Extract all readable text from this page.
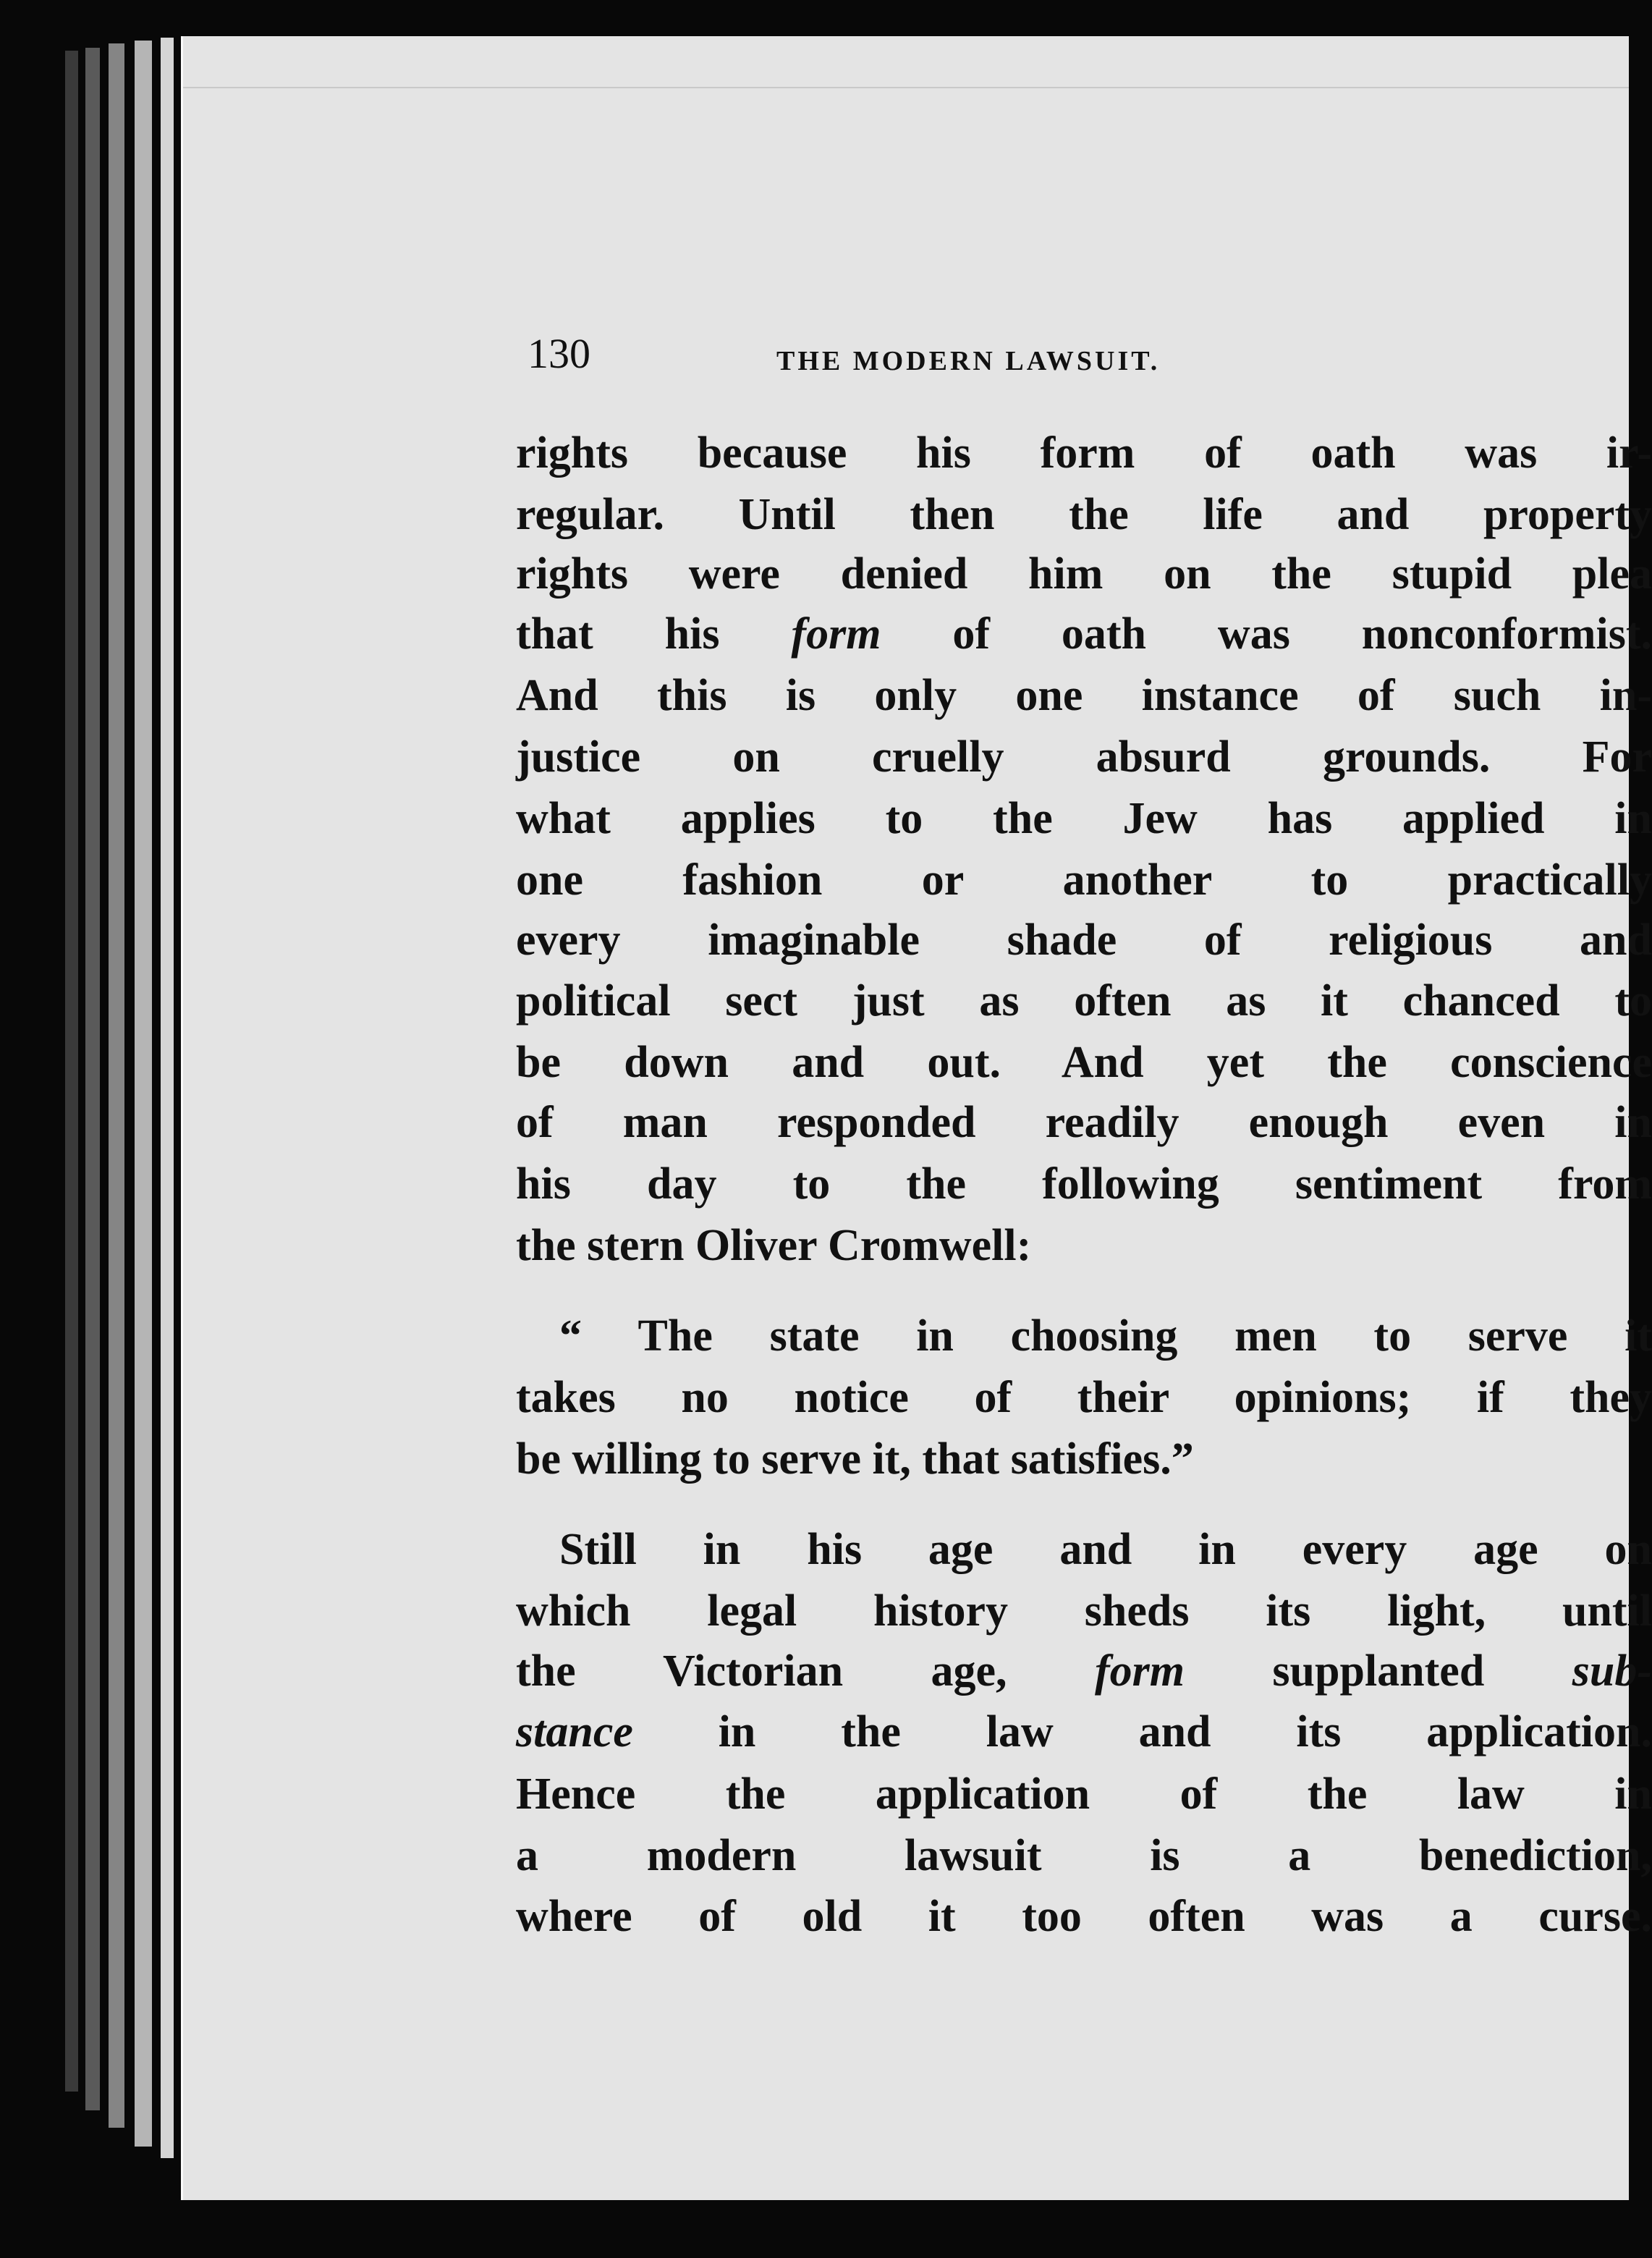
130	THE MODERN LAWSUIT.
rights because his form of oath was ir-
regular. Until then the life and property
rights were denied him on the stupid plea
that his form of oath was nonconformist.
And this is only one instance of such in-
justice on cruelly absurd grounds. For
what applies to the Jew has applied in
one fashion or another to practically
every imaginable shade of religious and
political sect just as often as it chanced to
be down and out. And yet the conscience
of man responded readily enough even in
his day to the following sentiment from
the stern Oliver Cromwell:
“ The state in choosing men to serve it
takes no notice of their opinions; if they
be willing to serve it, that satisfies.”
Still in his age and in every age on
which legal history sheds its light, until
the Victorian age, form supplanted sub-
stance in the law and its application.
Hence the application of the law in
a modern lawsuit is a benediction,
where of old it too often was a curse.
